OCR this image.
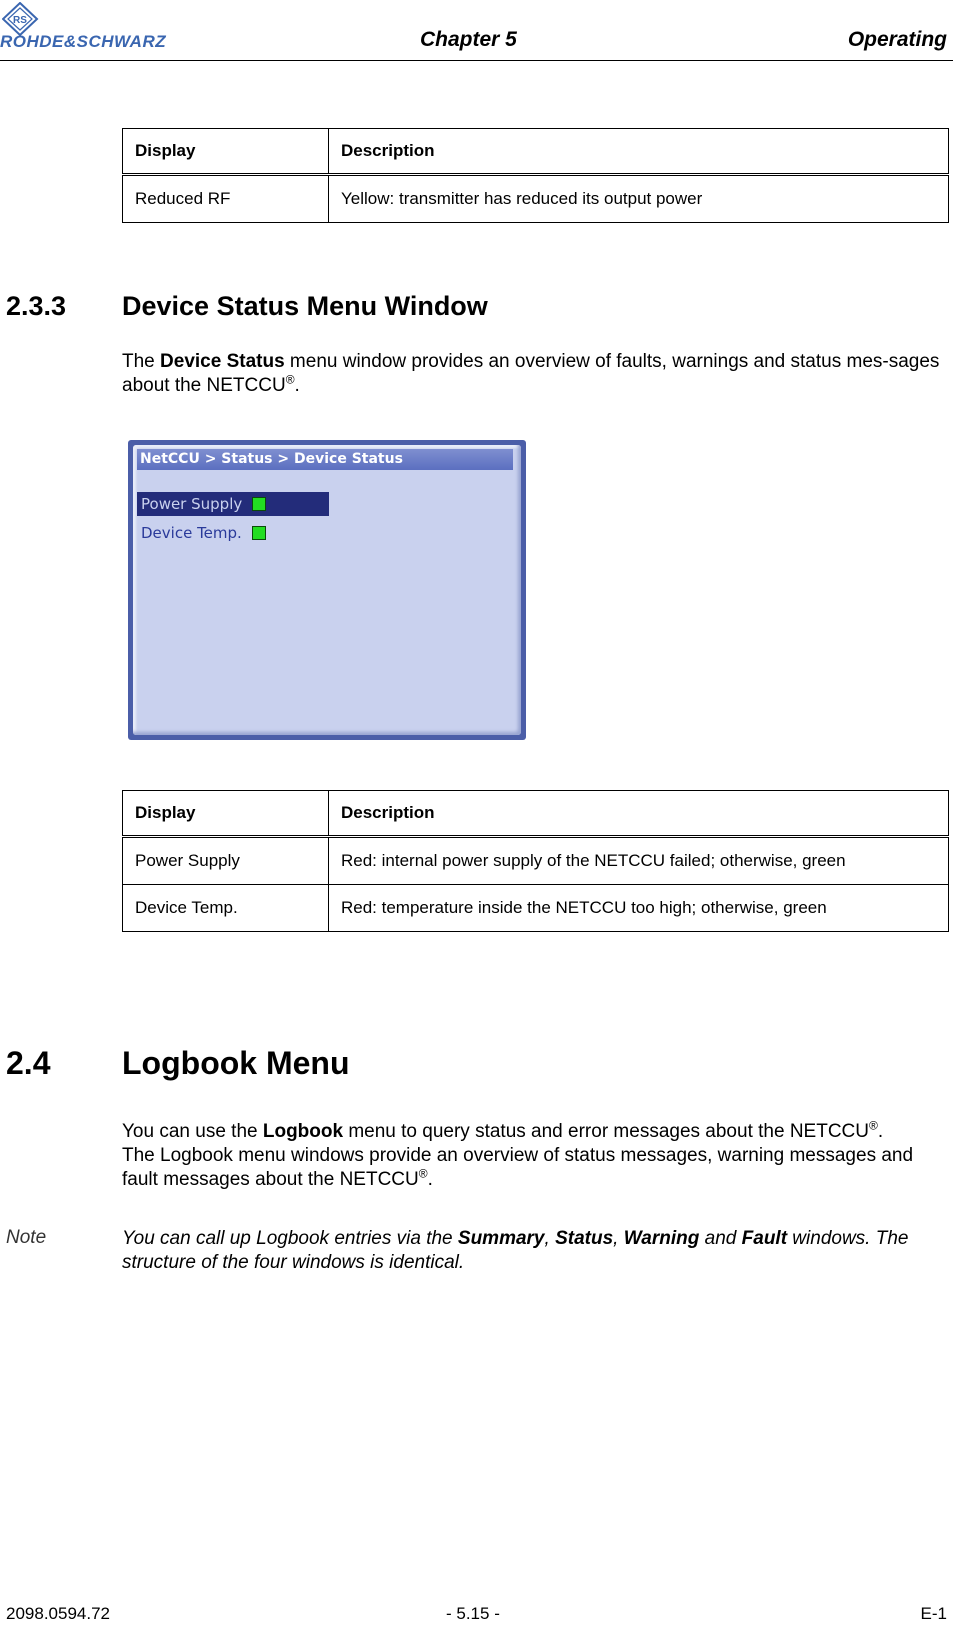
RS
ROHDE&SCHWARZ	Chapter 5	Operating
Display	Description
Reduced RF	Yellow: transmitter has reduced its output power
2.3.3 Device Status Menu Window
The Device Status menu window provides an overview of faults, warnings and status mes-sages about the NETCCU®.
NetCCU > Status > Device Status
Power Supply
Device Temp.
Display	Description
Power Supply	Red: internal power supply of the NETCCU failed; otherwise, green
Device Temp.	Red: temperature inside the NETCCU too high; otherwise, green
2.4 Logbook Menu
You can use the Logbook menu to query status and error messages about the NETCCU®.
The Logbook menu windows provide an overview of status messages, warning messages and fault messages about the NETCCU®.
Note	You can call up Logbook entries via the Summary, Status, Warning and Fault windows. The structure of the four windows is identical.
2098.0594.72	- 5.15 -	E-1
